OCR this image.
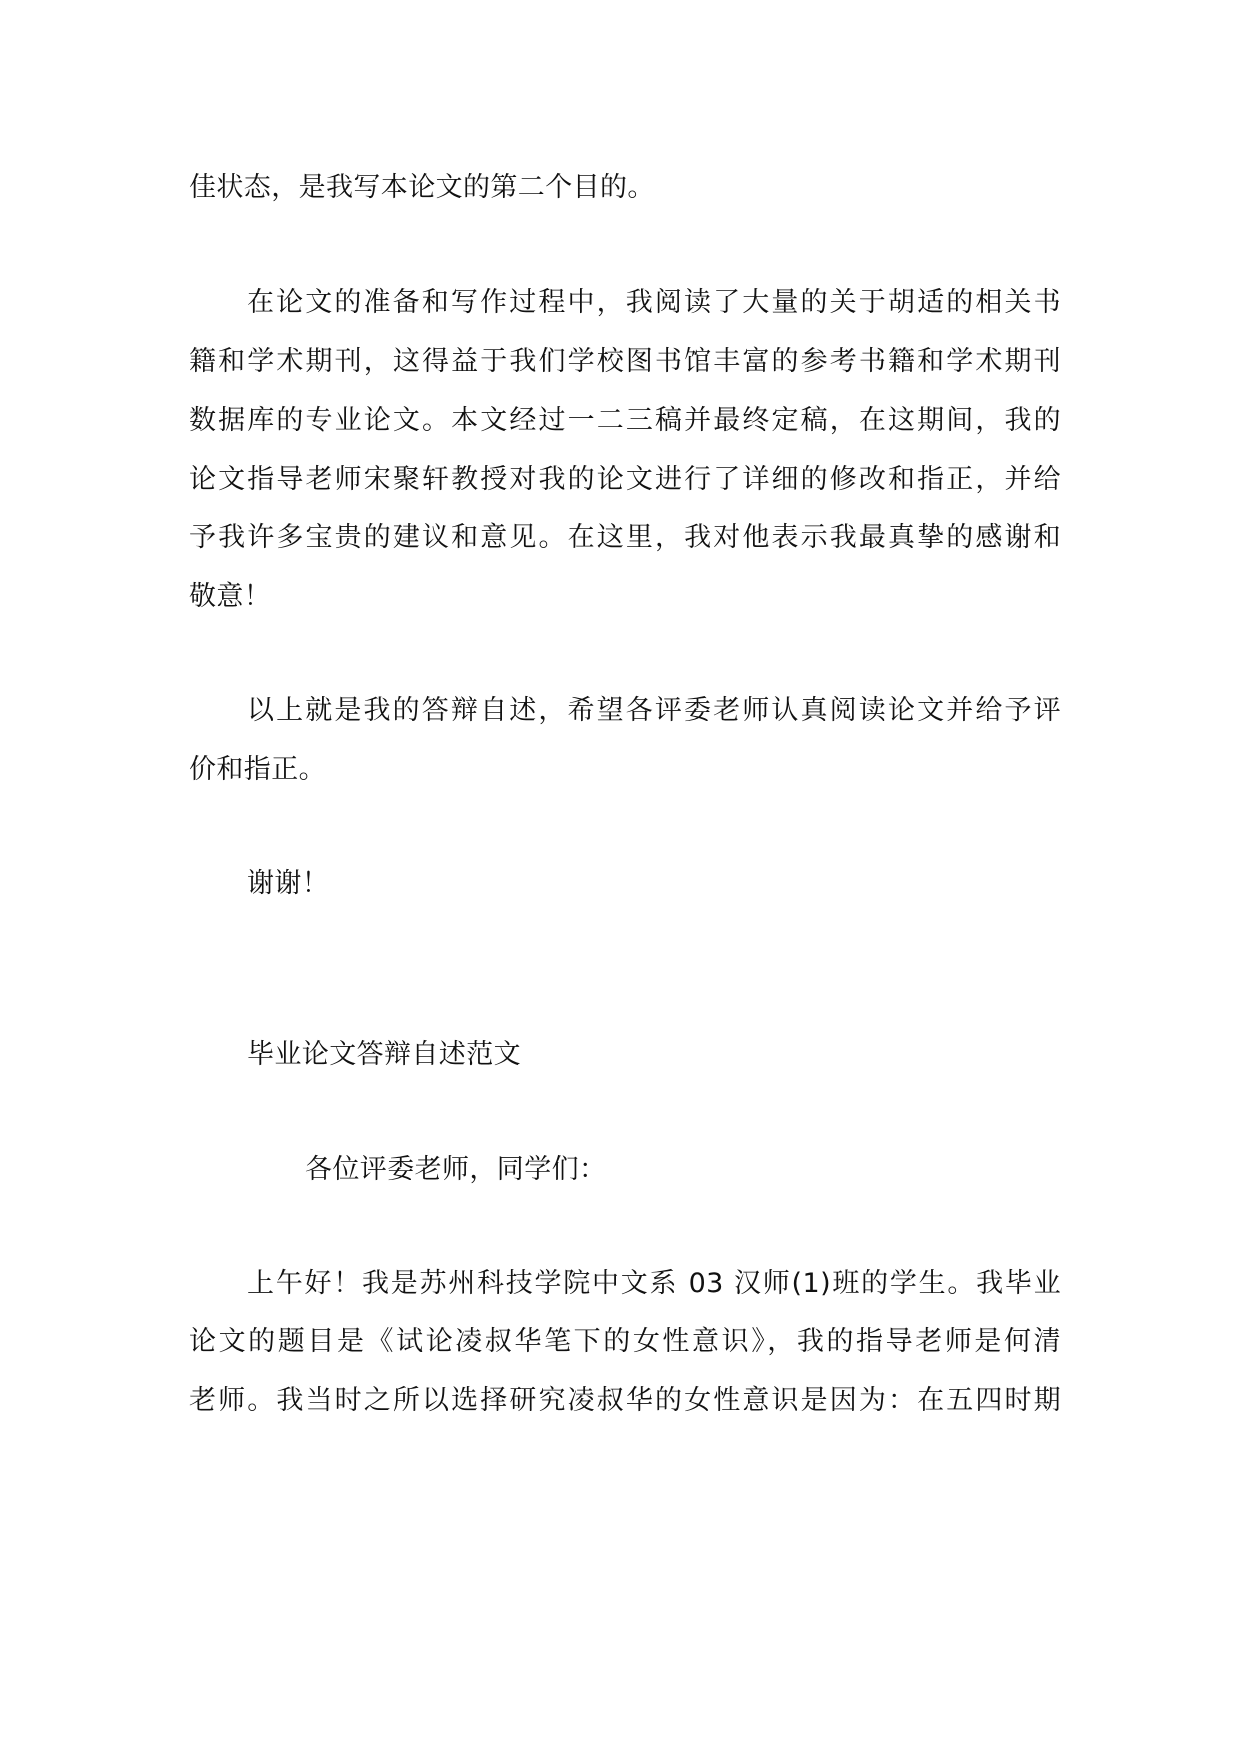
佳状态，是我写本论文的第二个目的。
在论文的准备和写作过程中，我阅读了大量的关于胡适的相关书
籍和学术期刊，这得益于我们学校图书馆丰富的参考书籍和学术期刊
数据库的专业论文。本文经过一二三稿并最终定稿，在这期间，我的
论文指导老师宋聚轩教授对我的论文进行了详细的修改和指正，并给
予我许多宝贵的建议和意见。在这里，我对他表示我最真挚的感谢和
敬意！
以上就是我的答辩自述，希望各评委老师认真阅读论文并给予评
价和指正。
谢谢！
毕业论文答辩自述范文
各位评委老师，同学们：
上午好！我是苏州科技学院中文系 03 汉师(1)班的学生。我毕业
论文的题目是《试论凌叔华笔下的女性意识》，我的指导老师是何清
老师。我当时之所以选择研究凌叔华的女性意识是因为：在五四时期
